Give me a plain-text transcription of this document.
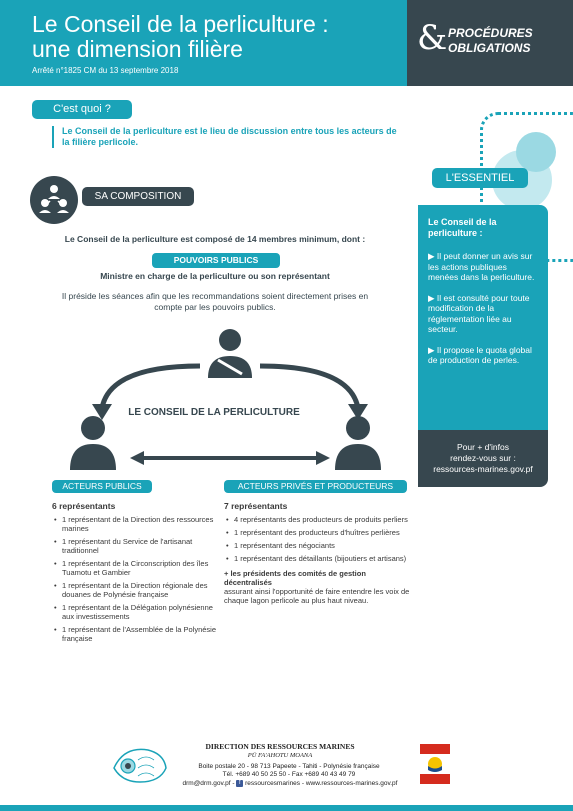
Le Conseil de la perliculture :
une dimension filière
Arrêté n°1825 CM du 13 septembre 2018
& PROCÉDURES
OBLIGATIONS
C'est quoi ?
Le Conseil de la perliculture est le lieu de discussion entre tous les acteurs de la filière perlicole.
SA COMPOSITION
Le Conseil de la perliculture est composé de 14 membres minimum, dont :
POUVOIRS PUBLICS
Ministre en charge de la perliculture ou son représentant
Il préside les séances afin que les recommandations soient directement prises en compte par les pouvoirs publics.
LE CONSEIL DE LA PERLICULTURE
ACTEURS PUBLICS	ACTEURS PRIVÉS ET PRODUCTEURS
6 représentants
• 1 représentant de la Direction des ressources marines
• 1 représentant du Service de l'artisanat traditionnel
• 1 représentant de la Circonscription des îles Tuamotu et Gambier
• 1 représentant de la Direction régionale des douanes de Polynésie française
• 1 représentant de la Délégation polynésienne aux investissements
• 1 représentant de l'Assemblée de la Polynésie française
7 représentants
• 4 représentants des producteurs de produits perliers
• 1 représentant des producteurs d'huîtres perlières
• 1 représentant des négociants
• 1 représentant des détaillants (bijoutiers et artisans)
+ les présidents des comités de gestion décentralisés
assurant ainsi l'opportunité de faire entendre les voix de chaque lagon perlicole au plus haut niveau.
L'ESSENTIEL
Le Conseil de la perliculture :
▶ Il peut donner un avis sur les actions publiques menées dans la perliculture.
▶ Il est consulté pour toute modification de la réglementation liée au secteur.
▶ Il propose le quota global de production de perles.
Pour + d'infos
rendez-vous sur :
ressources-marines.gov.pf
DIRECTION DES RESSOURCES MARINES
PŪ FA'AHOTU MOANA
Boite postale 20 - 98 713 Papeete - Tahiti - Polynésie française
Tél. +689 40 50 25 50 - Fax +689 40 43 49 79
drm@drm.gov.pf - f ressourcesmarines - www.ressources-marines.gov.pf
